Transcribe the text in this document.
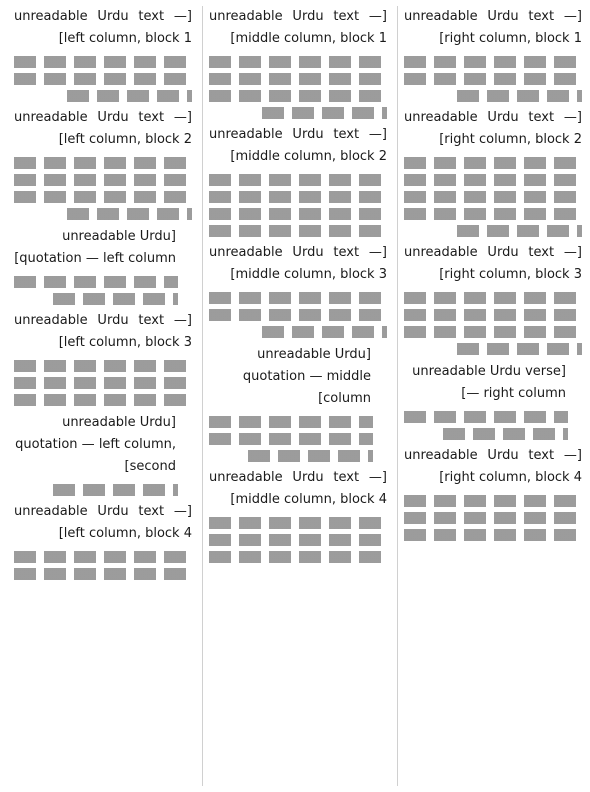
[unreadable Urdu text — right column, block 1]

[unreadable Urdu text — right column, block 2]

[unreadable Urdu text — right column, block 3]

[unreadable Urdu verse — right column]

[unreadable Urdu text — right column, block 4]

[unreadable Urdu text — middle column, block 1]

[unreadable Urdu text — middle column, block 2]

[unreadable Urdu text — middle column, block 3]

[unreadable Urdu quotation — middle column]

[unreadable Urdu text — middle column, block 4]

[unreadable Urdu text — left column, block 1]

[unreadable Urdu text — left column, block 2]

[unreadable Urdu quotation — left column]

[unreadable Urdu text — left column, block 3]

[unreadable Urdu quotation — left column, second]

[unreadable Urdu text — left column, block 4]
